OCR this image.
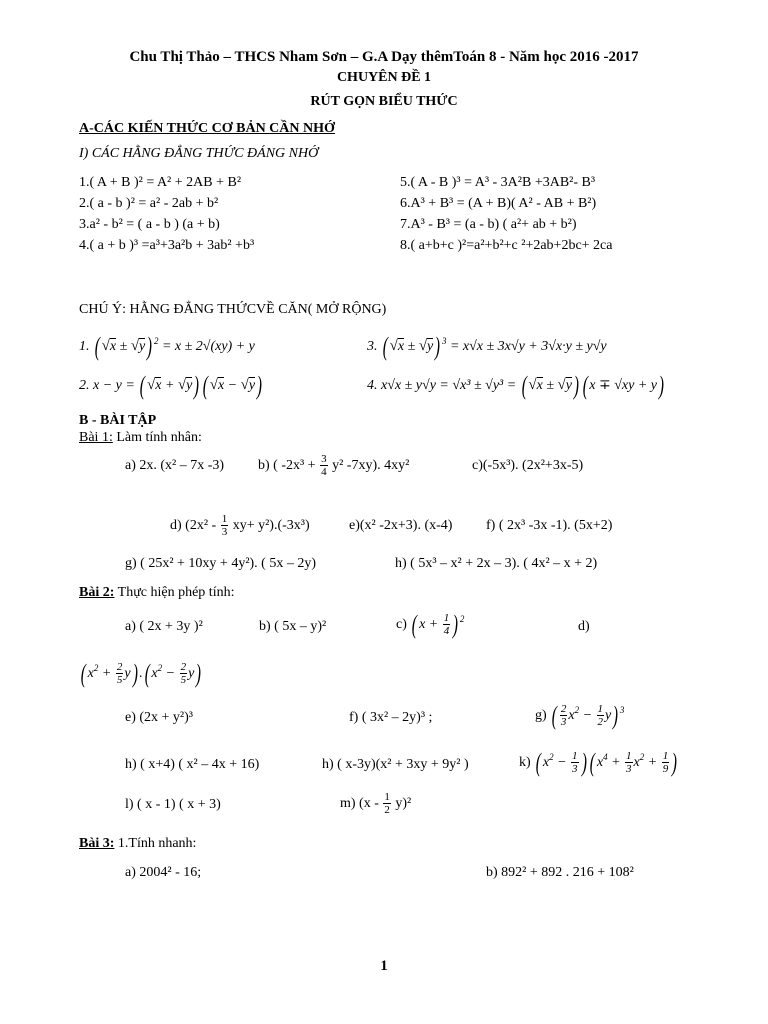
Chu Thị Thảo – THCS Nham Sơn – G.A Dạy thêmToán 8 - Năm học 2016 -2017
CHUYÊN ĐỀ 1
RÚT GỌN BIỂU THỨC
A-CÁC KIẾN THỨC CƠ BẢN CẦN NHỚ
I) CÁC HẰNG ĐẲNG THỨC ĐÁNG NHỚ
1.( A + B )² = A² + 2AB + B²
2.( a - b )² = a² - 2ab + b²
3.a² - b² = ( a - b ) (a + b)
4.( a + b )³ =a³+3a²b + 3ab² +b³
5.( A - B )³ = A³ - 3A²B +3AB²- B³
6.A³ + B³ = (A + B)( A² - AB + B²)
7.A³ - B³ = (a - b) ( a²+ ab + b²)
8.( a+b+c )²=a²+b²+c ²+2ab+2bc+ 2ca
CHÚ Ý: HẰNG ĐẲNG THỨCVỀ CĂN( MỞ RỘNG)
1. ( √x ± √y) $^2$ = x ± 2√(xy) + y	3. ( √x ± √y) $^3$ = x√x ± 3x√y + 3√x·y ± y√y
2. x − y = ( √x + √y) ( √x − √y)	4. x√x ± y√y = √x³ ± √y³ = ( √x ± √y) ( x ∓ √xy + y)
B - BÀI TẬP
Bài 1: Làm tính nhân:
a) 2x. (x² – 7x -3) b) ( $-2x^3 + \frac{3}{4} y^2$ -7xy). 4xy²	c)(-5x³). (2x²+3x-5)
d) $(2x^2 - \frac{1}{3} xy+ y^2).(-3x^3)$	e)(x² -2x+3). (x-4) f) ( 2x³ -3x -1). (5x+2)
g) ( 25x² + 10xy + 4y²). ( 5x – 2y)	h) ( 5x³ – x² + 2x – 3). ( 4x² – x + 2)
Bài 2: Thực hiện phép tính:
a) ( 2x + 3y )²	b) ( 5x – y)²	c) ( $x + \frac{1}{4}$ ) $^2$	d)
( $x^2 + \frac{2}{5} y$) .( $x^2 - \frac{2}{5} y$)
e) (2x + y²)³	f) ( 3x² – 2y)³ ;	g) ( $\frac{2}{3} x^2 - \frac{1}{2} y$) $^3$
h) ( x+4) ( x² – 4x + 16)	h) ( x-3y)(x² + 3xy + 9y² )	k) ( $x^2 - \frac{1}{3}$ ) ( $x^4 + \frac{1}{3} x^2 + \frac{1}{9}$ )
l) ( x - 1) ( x + 3)	m) $(x - \frac{1}{2} y)^2$
Bài 3: 1.Tính nhanh:
a) 2004² - 16;	b) 892² + 892 . 216 + 108²
1
